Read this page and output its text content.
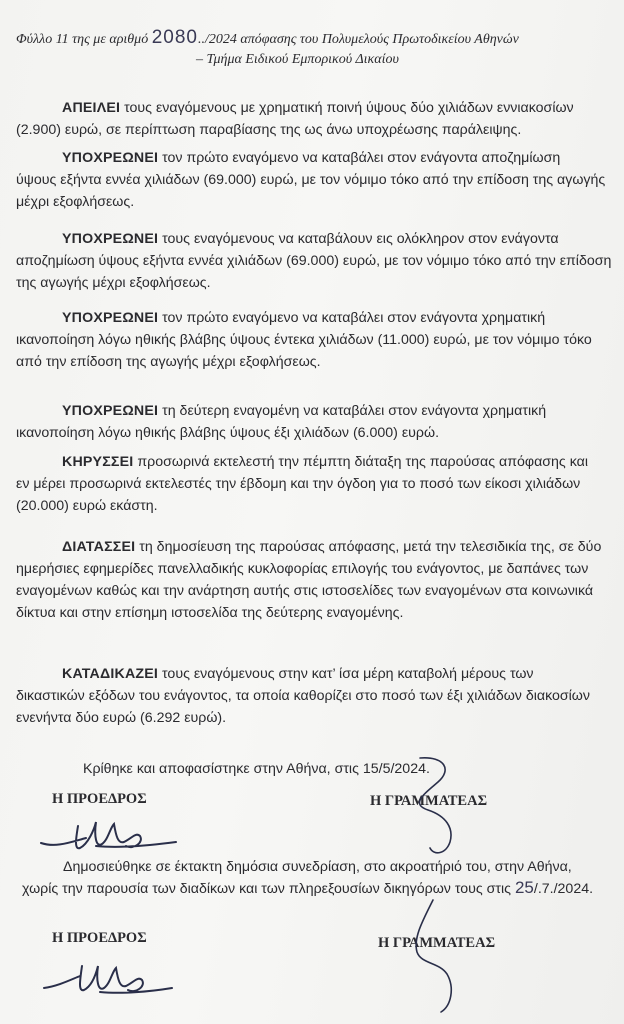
Φύλλο 11 της με αριθμό 2080../2024 απόφασης του Πολυμελούς Πρωτοδικείου Αθηνών
– Τμήμα Ειδικού Εμπορικού Δικαίου
ΑΠΕΙΛΕΙ τους εναγόμενους με χρηματική ποινή ύψους δύο χιλιάδων εννιακοσίων
(2.900) ευρώ, σε περίπτωση παραβίασης της ως άνω υποχρέωσης παράλειψης.
ΥΠΟΧΡΕΩΝΕΙ τον πρώτο εναγόμενο να καταβάλει στον ενάγοντα αποζημίωση
ύψους εξήντα εννέα χιλιάδων (69.000) ευρώ, με τον νόμιμο τόκο από την επίδοση της αγωγής
μέχρι εξοφλήσεως.
ΥΠΟΧΡΕΩΝΕΙ τους εναγόμενους να καταβάλουν εις ολόκληρον στον ενάγοντα
αποζημίωση ύψους εξήντα εννέα χιλιάδων (69.000) ευρώ, με τον νόμιμο τόκο από την επίδοση
της αγωγής μέχρι εξοφλήσεως.
ΥΠΟΧΡΕΩΝΕΙ τον πρώτο εναγόμενο να καταβάλει στον ενάγοντα χρηματική
ικανοποίηση λόγω ηθικής βλάβης ύψους έντεκα χιλιάδων (11.000) ευρώ, με τον νόμιμο τόκο
από την επίδοση της αγωγής μέχρι εξοφλήσεως.
ΥΠΟΧΡΕΩΝΕΙ τη δεύτερη εναγομένη να καταβάλει στον ενάγοντα χρηματική
ικανοποίηση λόγω ηθικής βλάβης ύψους έξι χιλιάδων (6.000) ευρώ.
ΚΗΡΥΣΣΕΙ προσωρινά εκτελεστή την πέμπτη διάταξη της παρούσας απόφασης και
εν μέρει προσωρινά εκτελεστές την έβδομη και την όγδοη για το ποσό των είκοσι χιλιάδων
(20.000) ευρώ εκάστη.
ΔΙΑΤΑΣΣΕΙ τη δημοσίευση της παρούσας απόφασης, μετά την τελεσιδικία της, σε δύο
ημερήσιες εφημερίδες πανελλαδικής κυκλοφορίας επιλογής του ενάγοντος, με δαπάνες των
εναγομένων καθώς και την ανάρτηση αυτής στις ιστοσελίδες των εναγομένων στα κοινωνικά
δίκτυα και στην επίσημη ιστοσελίδα της δεύτερης εναγομένης.
ΚΑΤΑΔΙΚΑΖΕΙ τους εναγόμενους στην κατ’ ίσα μέρη καταβολή μέρους των
δικαστικών εξόδων του ενάγοντος, τα οποία καθορίζει στο ποσό των έξι χιλιάδων διακοσίων
ενενήντα δύο ευρώ (6.292 ευρώ).
Κρίθηκε και αποφασίστηκε στην Αθήνα, στις 15/5/2024.
Η ΠΡΟΕΔΡΟΣ	Η ΓΡΑΜΜΑΤΕΑΣ
Δημοσιεύθηκε σε έκτακτη δημόσια συνεδρίαση, στο ακροατήριό του, στην Αθήνα,
χωρίς την παρουσία των διαδίκων και των πληρεξουσίων δικηγόρων τους στις 25/.7./2024.
Η ΠΡΟΕΔΡΟΣ	Η ΓΡΑΜΜΑΤΕΑΣ
